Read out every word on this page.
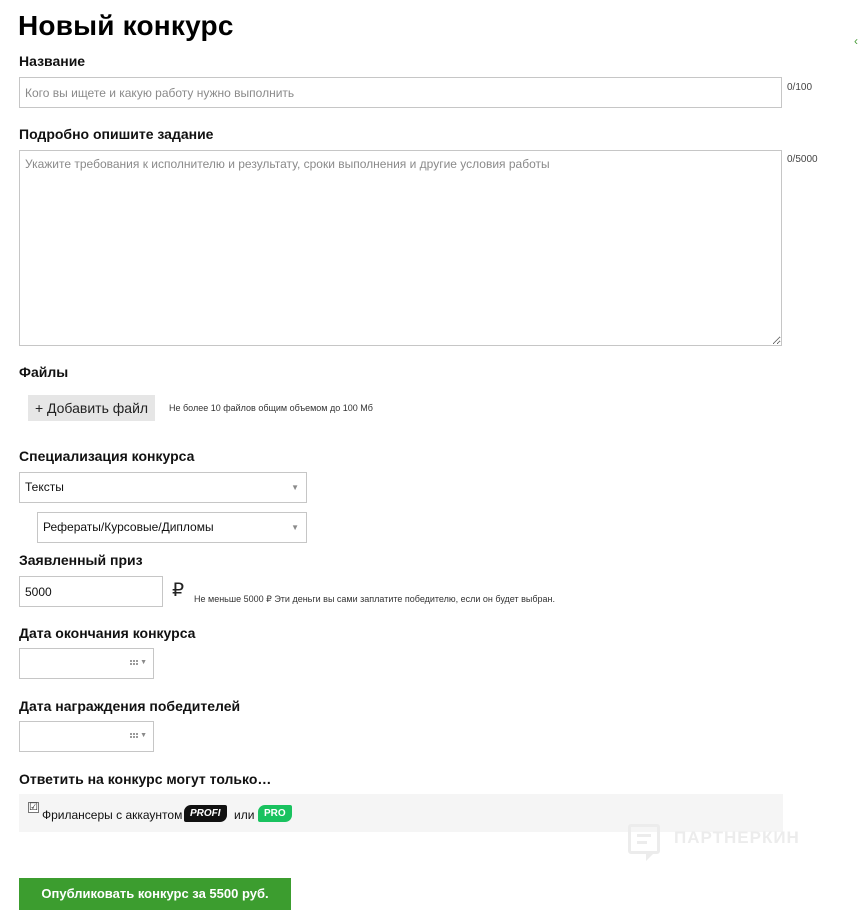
Новый конкурс	‹
Название
Кого вы ищете и какую работу нужно выполнить
0/100
Подробно опишите задание
Укажите требования к исполнителю и результату, сроки выполнения и другие условия работы
0/5000
Файлы
+ Добавить файл	Не более 10 файлов общим объемом до 100 Мб
Специализация конкурса
Тексты	▼
Рефераты/Курсовые/Дипломы	▼
Заявленный приз
5000
₽ Не меньше 5000 ₽ Эти деньги вы сами заплатите победителю, если он будет выбран.
Дата окончания конкурса
▼
Дата награждения победителей
▼
Ответить на конкурс могут только…
☑
Фрилансеры с аккаунтом PROFI	или PRO
ПАРТНЕРКИН
Опубликовать конкурс за 5500 руб.
